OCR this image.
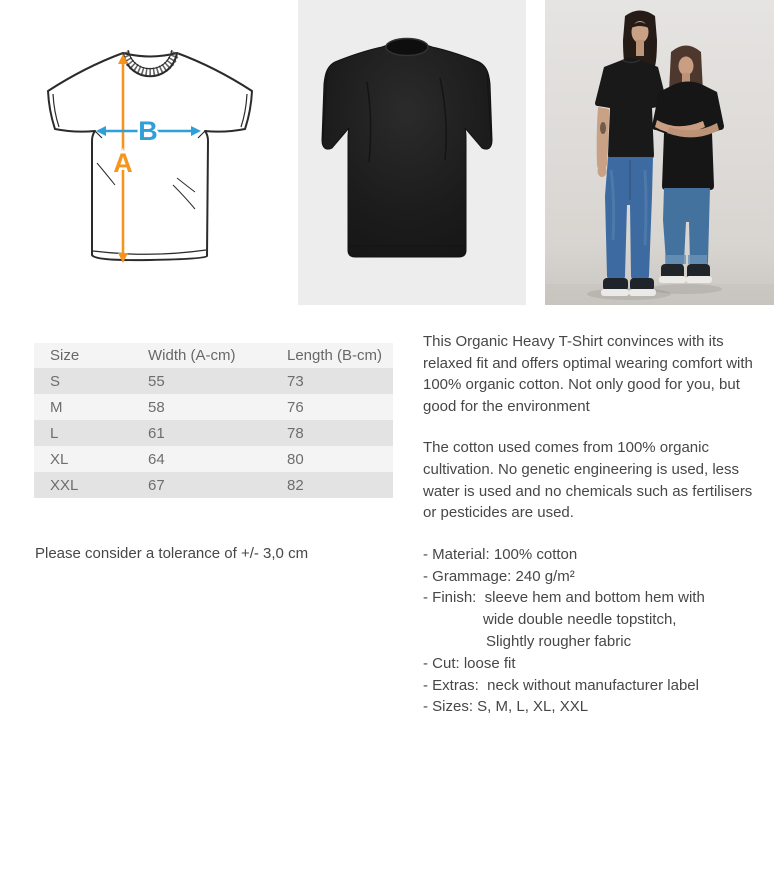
A
B
Size	Width (A-cm)	Length (B-cm)
S	55	73
M	58	76
L	61	78
XL	64	80
XXL	67	82
Please consider a tolerance of +/- 3,0 cm

This Organic Heavy T-Shirt convinces with its relaxed fit and offers optimal wearing comfort with 100% organic cotton. Not only good for you, but good for the environment

The cotton used comes from 100% organic cultivation. No genetic engineering is used, less water is used and no chemicals such as fertilisers or pesticides are used.

- Material: 100% cotton
- Grammage: 240 g/m²
- Finish:  sleeve hem and bottom hem with
wide double needle topstitch,
Slightly rougher fabric
- Cut: loose fit
- Extras:  neck without manufacturer label
- Sizes: S, M, L, XL, XXL
